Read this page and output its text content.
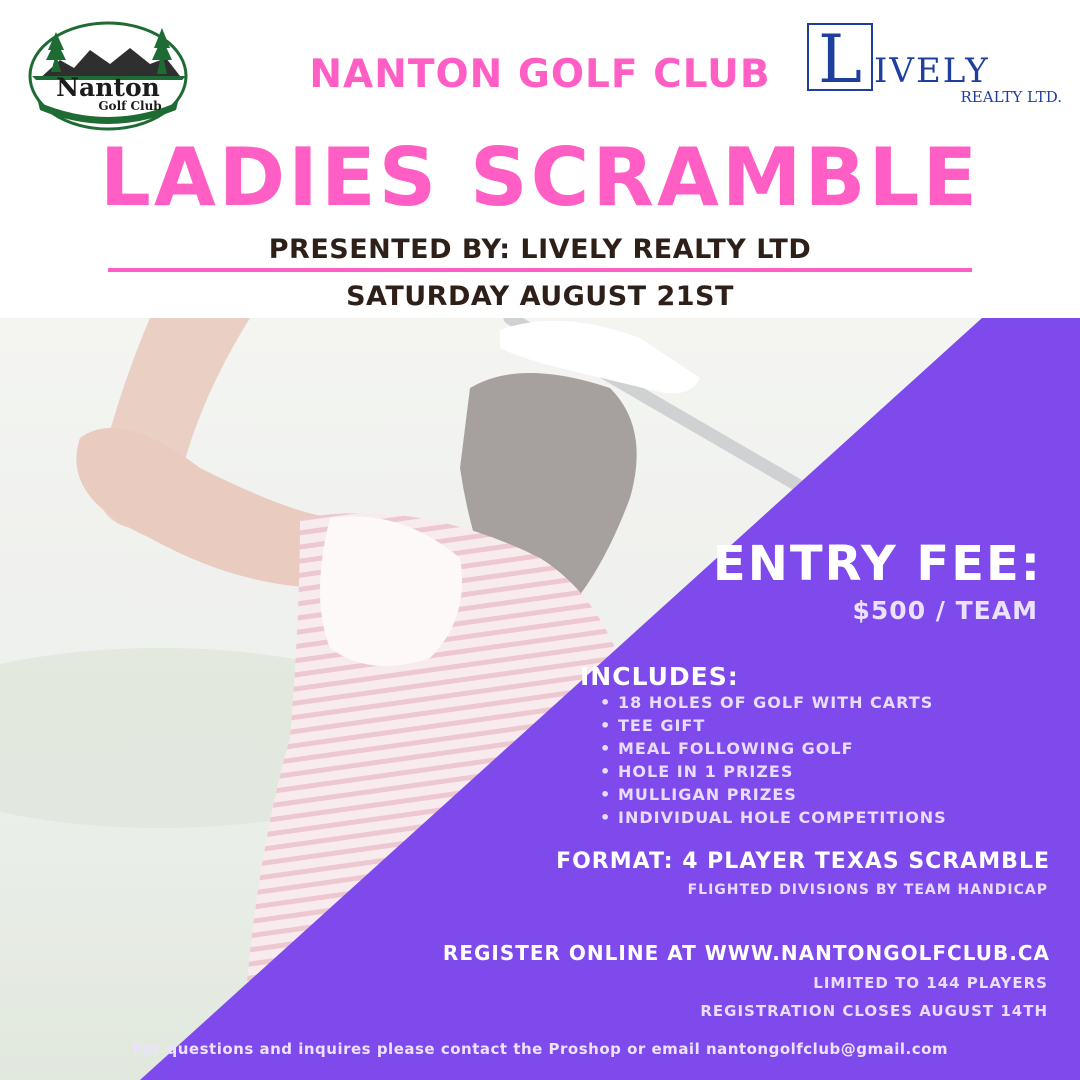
Nanton
Golf Club
L IVELY
REALTY LTD.
NANTON GOLF CLUB
LADIES SCRAMBLE
PRESENTED BY: LIVELY REALTY LTD
SATURDAY AUGUST 21ST
ENTRY FEE:
$500 / TEAM
INCLUDES:
• 18 HOLES OF GOLF WITH CARTS
• TEE GIFT
• MEAL FOLLOWING GOLF
• HOLE IN 1 PRIZES
• MULLIGAN PRIZES
• INDIVIDUAL HOLE COMPETITIONS
FORMAT: 4 PLAYER TEXAS SCRAMBLE
FLIGHTED DIVISIONS BY TEAM HANDICAP
REGISTER ONLINE AT WWW.NANTONGOLFCLUB.CA
LIMITED TO 144 PLAYERS
REGISTRATION CLOSES AUGUST 14TH
For questions and inquires please contact the Proshop or email nantongolfclub@gmail.com
